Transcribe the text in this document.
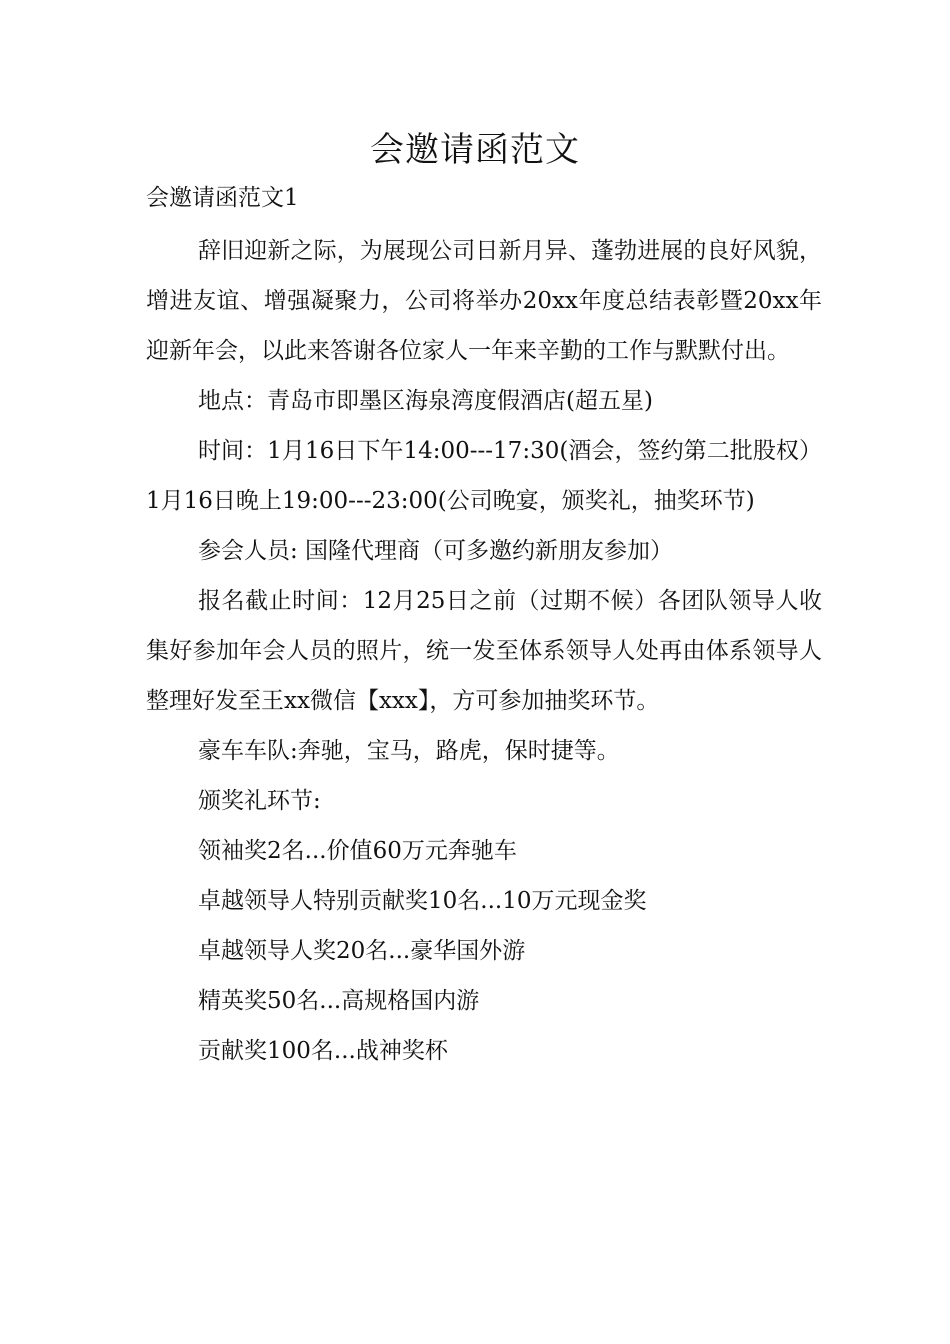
会邀请函范文
会邀请函范文1

辞旧迎新之际，为展现公司日新月异、蓬勃进展的良好风貌，增进友谊、增强凝聚力，公司将举办20xx年度总结表彰暨20xx年迎新年会，以此来答谢各位家人一年来辛勤的工作与默默付出。

地点：青岛市即墨区海泉湾度假酒店(超五星)

时间：1月16日下午14:00---17:30(酒会，签约第二批股权）1月16日晚上19:00---23:00(公司晚宴，颁奖礼，抽奖环节)

参会人员: 国隆代理商（可多邀约新朋友参加）

报名截止时间：12月25日之前（过期不候）各团队领导人收集好参加年会人员的照片，统一发至体系领导人处再由体系领导人整理好发至王xx微信【xxx】，方可参加抽奖环节。

豪车车队:奔驰，宝马，路虎，保时捷等。

颁奖礼环节:

领袖奖2名...价值60万元奔驰车

卓越领导人特别贡献奖10名...10万元现金奖

卓越领导人奖20名...豪华国外游

精英奖50名...高规格国内游

贡献奖100名...战神奖杯
